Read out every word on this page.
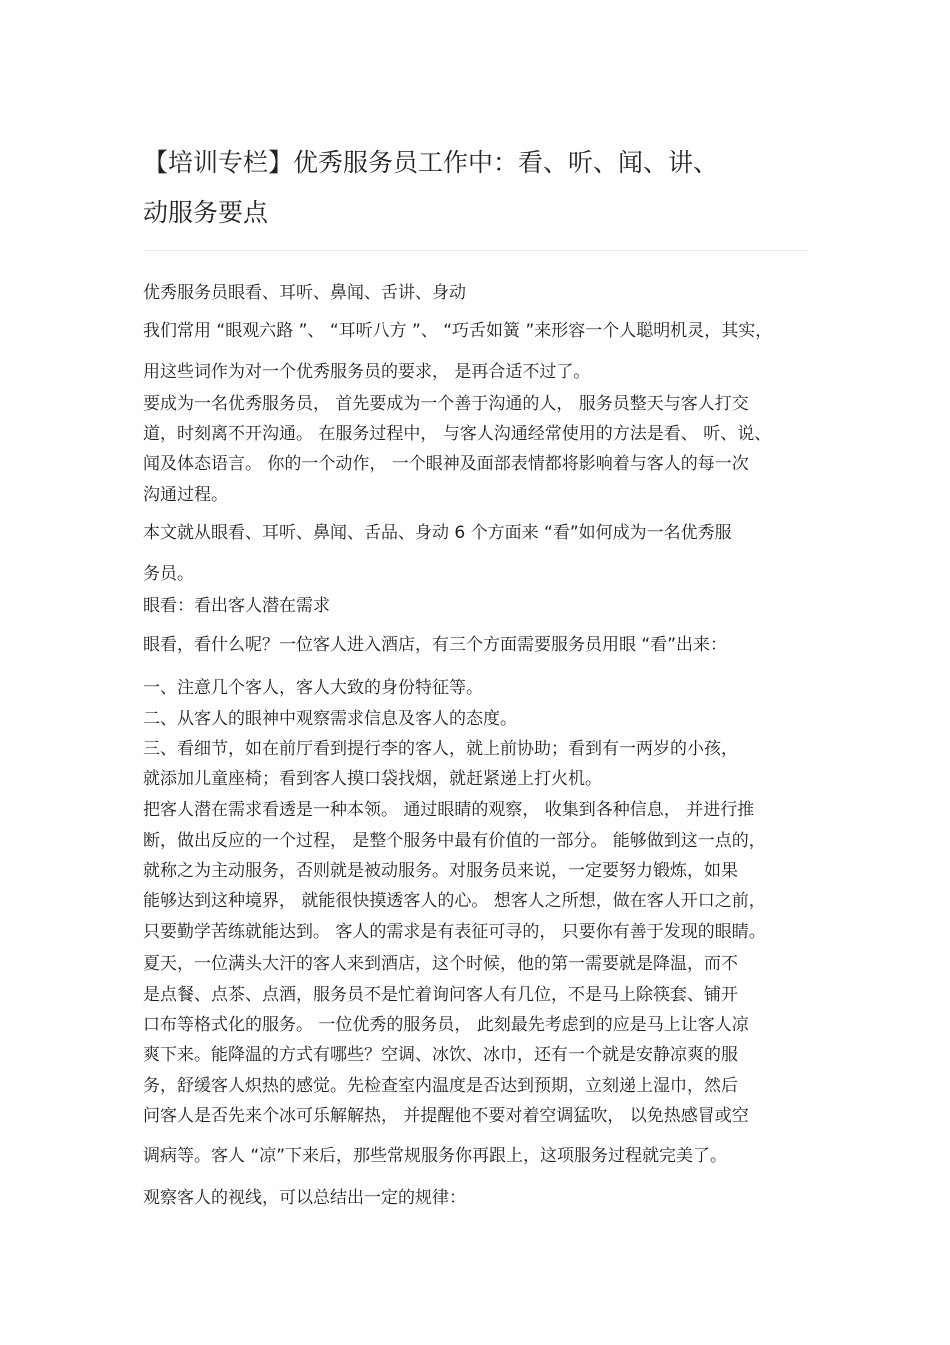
【培训专栏】优秀服务员工作中：看、听、闻、讲、
动服务要点
优秀服务员眼看、耳听、鼻闻、舌讲、身动
我们常用 “眼观六路 ”、 “耳听八方 ”、 “巧舌如簧 ”来形容一个人聪明机灵，其实，
用这些词作为对一个优秀服务员的要求， 是再合适不过了。
要成为一名优秀服务员， 首先要成为一个善于沟通的人， 服务员整天与客人打交
道，时刻离不开沟通。 在服务过程中， 与客人沟通经常使用的方法是看、 听、说、
闻及体态语言。 你的一个动作， 一个眼神及面部表情都将影响着与客人的每一次
沟通过程。
本文就从眼看、耳听、鼻闻、舌品、身动 6 个方面来 “看”如何成为一名优秀服
务员。
眼看：看出客人潜在需求
眼看，看什么呢？一位客人进入酒店，有三个方面需要服务员用眼 “看”出来：
一、注意几个客人，客人大致的身份特征等。
二、从客人的眼神中观察需求信息及客人的态度。
三、看细节，如在前厅看到提行李的客人，就上前协助；看到有一两岁的小孩，
就添加儿童座椅；看到客人摸口袋找烟，就赶紧递上打火机。
把客人潜在需求看透是一种本领。 通过眼睛的观察， 收集到各种信息， 并进行推
断，做出反应的一个过程， 是整个服务中最有价值的一部分。 能够做到这一点的，
就称之为主动服务，否则就是被动服务。对服务员来说，一定要努力锻炼，如果
能够达到这种境界， 就能很快摸透客人的心。 想客人之所想，做在客人开口之前，
只要勤学苦练就能达到。 客人的需求是有表征可寻的， 只要你有善于发现的眼睛。
夏天，一位满头大汗的客人来到酒店，这个时候，他的第一需要就是降温，而不
是点餐、点茶、点酒，服务员不是忙着询问客人有几位，不是马上除筷套、铺开
口布等格式化的服务。 一位优秀的服务员， 此刻最先考虑到的应是马上让客人凉
爽下来。能降温的方式有哪些？空调、冰饮、冰巾，还有一个就是安静凉爽的服
务，舒缓客人炽热的感觉。先检查室内温度是否达到预期，立刻递上湿巾，然后
问客人是否先来个冰可乐解解热， 并提醒他不要对着空调猛吹， 以免热感冒或空
调病等。客人 “凉”下来后，那些常规服务你再跟上，这项服务过程就完美了。
观察客人的视线，可以总结出一定的规律：
